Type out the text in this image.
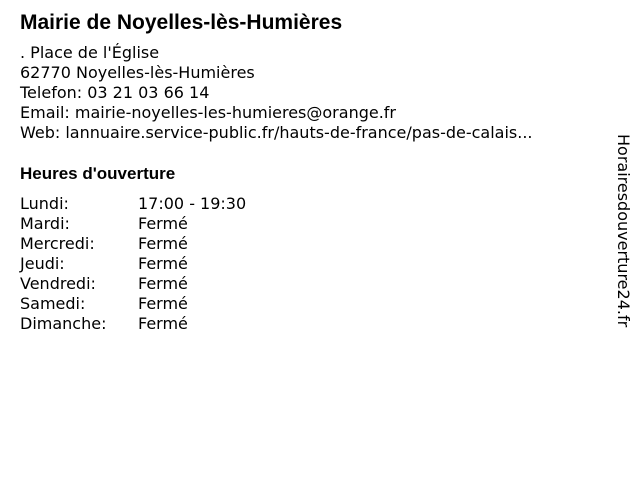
Mairie de Noyelles-lès-Humières
. Place de l'Église
62770 Noyelles-lès-Humières
Telefon: 03 21 03 66 14
Email: mairie-noyelles-les-humieres@orange.fr
Web: lannuaire.service-public.fr/hauts-de-france/pas-de-calais...
Heures d'ouverture
Lundi:	17:00 - 19:30
Mardi:	Fermé
Mercredi:	Fermé
Jeudi:	Fermé
Vendredi:	Fermé
Samedi:	Fermé
Dimanche:	Fermé	Horairesdouverture24.fr
